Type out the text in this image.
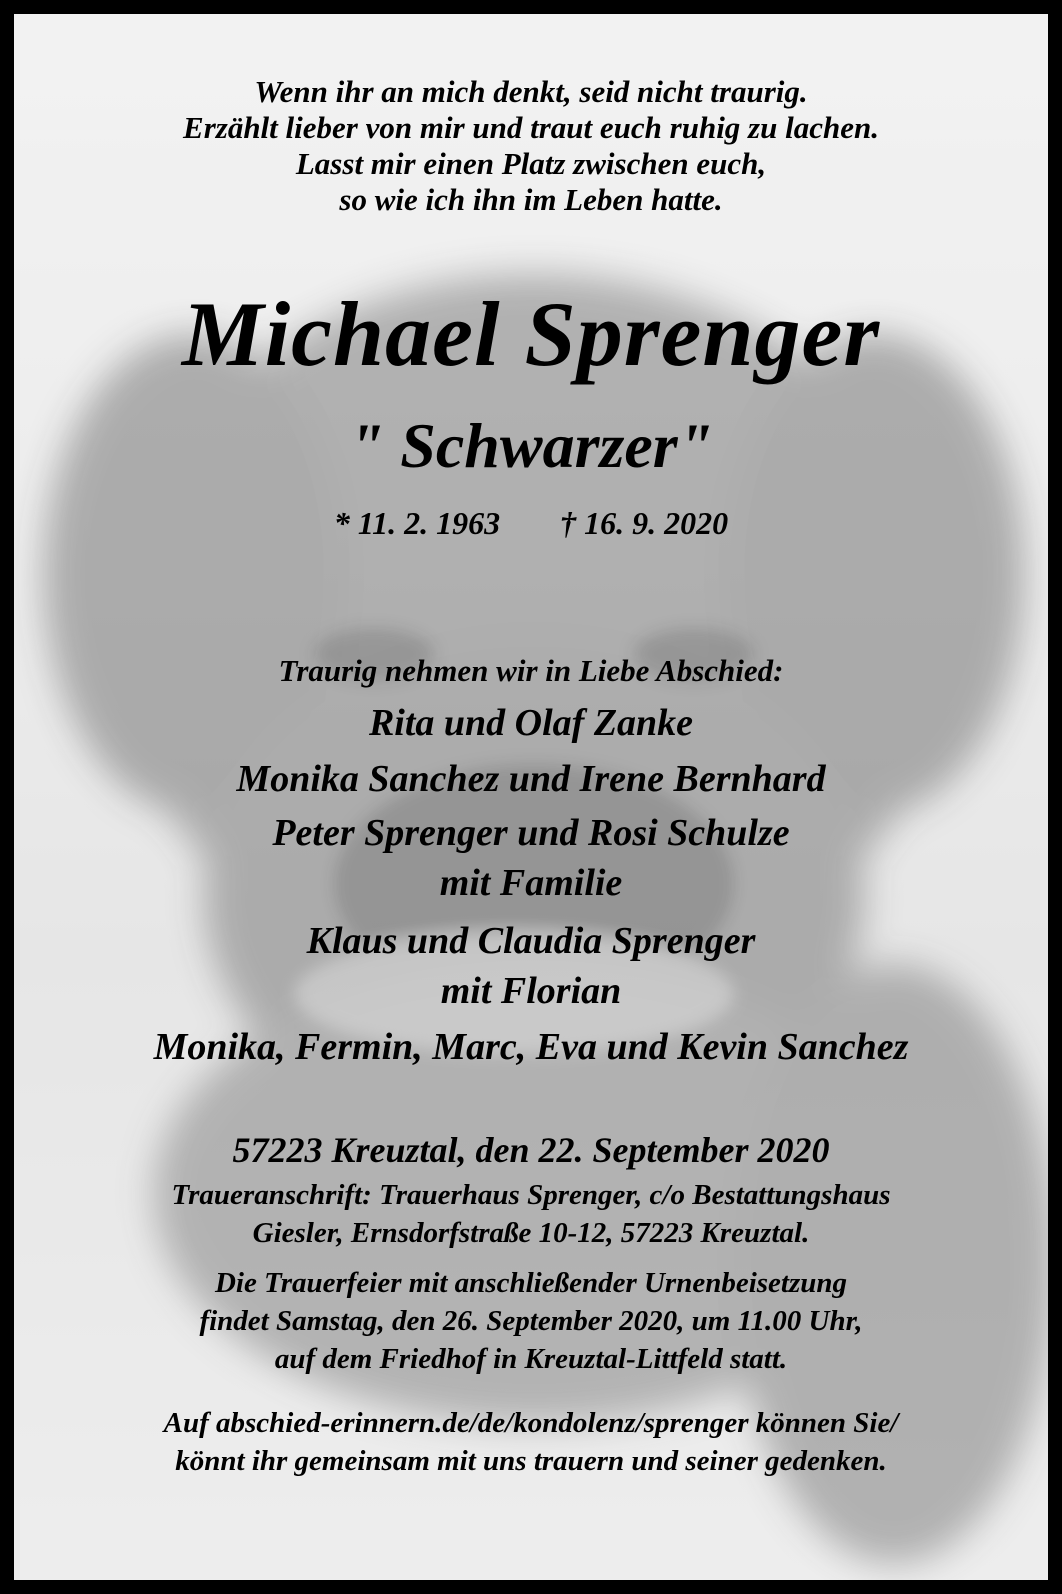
Wenn ihr an mich denkt, seid nicht traurig.

Erzählt lieber von mir und traut euch ruhig zu lachen.

Lasst mir einen Platz zwischen euch,

so wie ich ihn im Leben hatte.

Michael Sprenger

" Schwarzer"

* 11. 2. 1963 † 16. 9. 2020

Traurig nehmen wir in Liebe Abschied:

Rita und Olaf Zanke

Monika Sanchez und Irene Bernhard

Peter Sprenger und Rosi Schulze

mit Familie

Klaus und Claudia Sprenger

mit Florian

Monika, Fermin, Marc, Eva und Kevin Sanchez

57223 Kreuztal, den 22. September 2020

Traueranschrift: Trauerhaus Sprenger, c/o Bestattungshaus

Giesler, Ernsdorfstraße 10-12, 57223 Kreuztal.

Die Trauerfeier mit anschließender Urnenbeisetzung

findet Samstag, den 26. September 2020, um 11.00 Uhr,

auf dem Friedhof in Kreuztal-Littfeld statt.

Auf abschied-erinnern.de/de/kondolenz/sprenger können Sie/

könnt ihr gemeinsam mit uns trauern und seiner gedenken.
